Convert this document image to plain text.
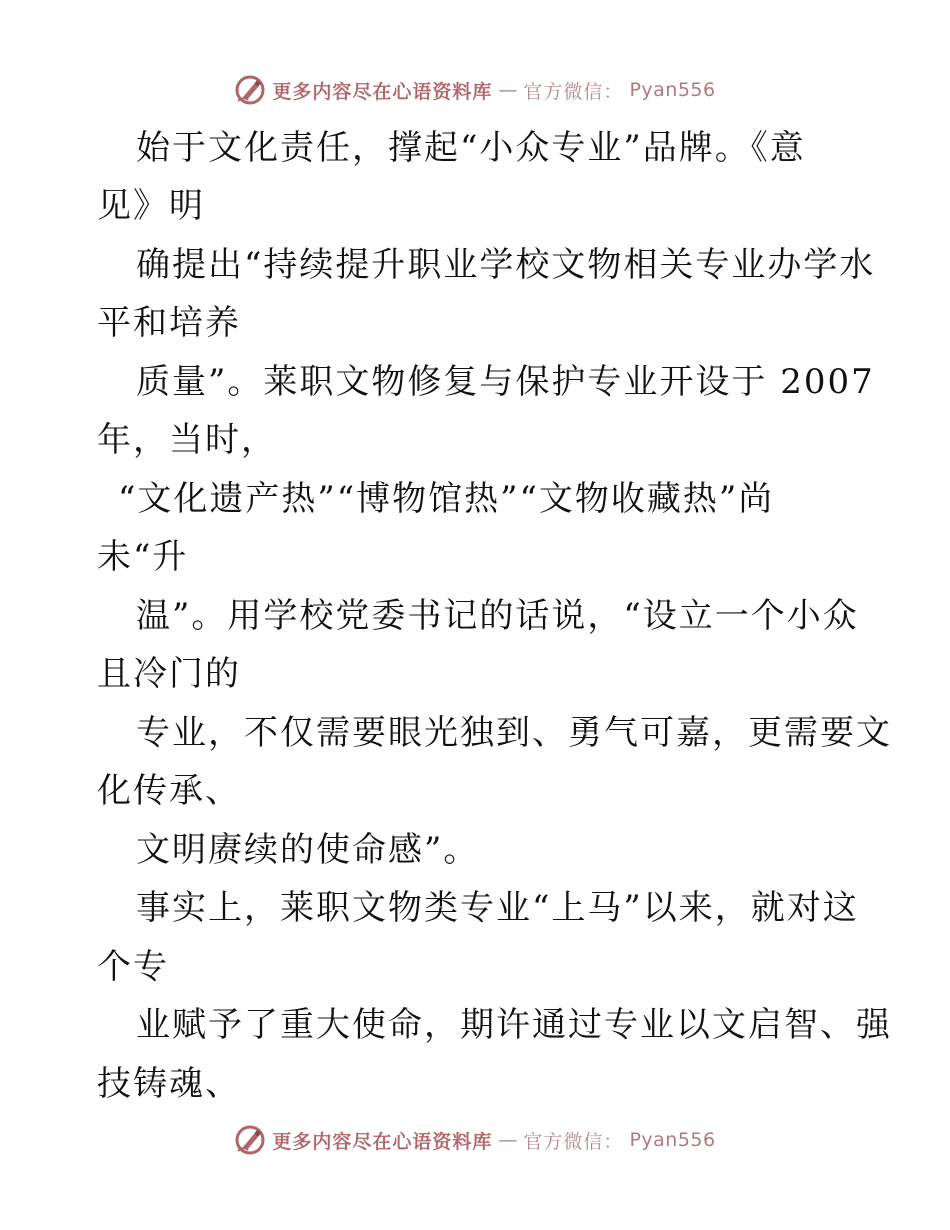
更多内容尽在心语资料库 — 官方微信： Pyan556
始于文化责任，撑起“小众专业”品牌。《意
见》明
确提出“持续提升职业学校文物相关专业办学水
平和培养
质量”。莱职文物修复与保护专业开设于 2007
年，当时，
“文化遗产热”“博物馆热”“文物收藏热”尚
未“升
温”。用学校党委书记的话说，“设立一个小众
且冷门的
专业，不仅需要眼光独到、勇气可嘉，更需要文
化传承、
文明赓续的使命感”。
事实上，莱职文物类专业“上马”以来，就对这
个专
业赋予了重大使命，期许通过专业以文启智、强
技铸魂、
更多内容尽在心语资料库 — 官方微信： Pyan556
